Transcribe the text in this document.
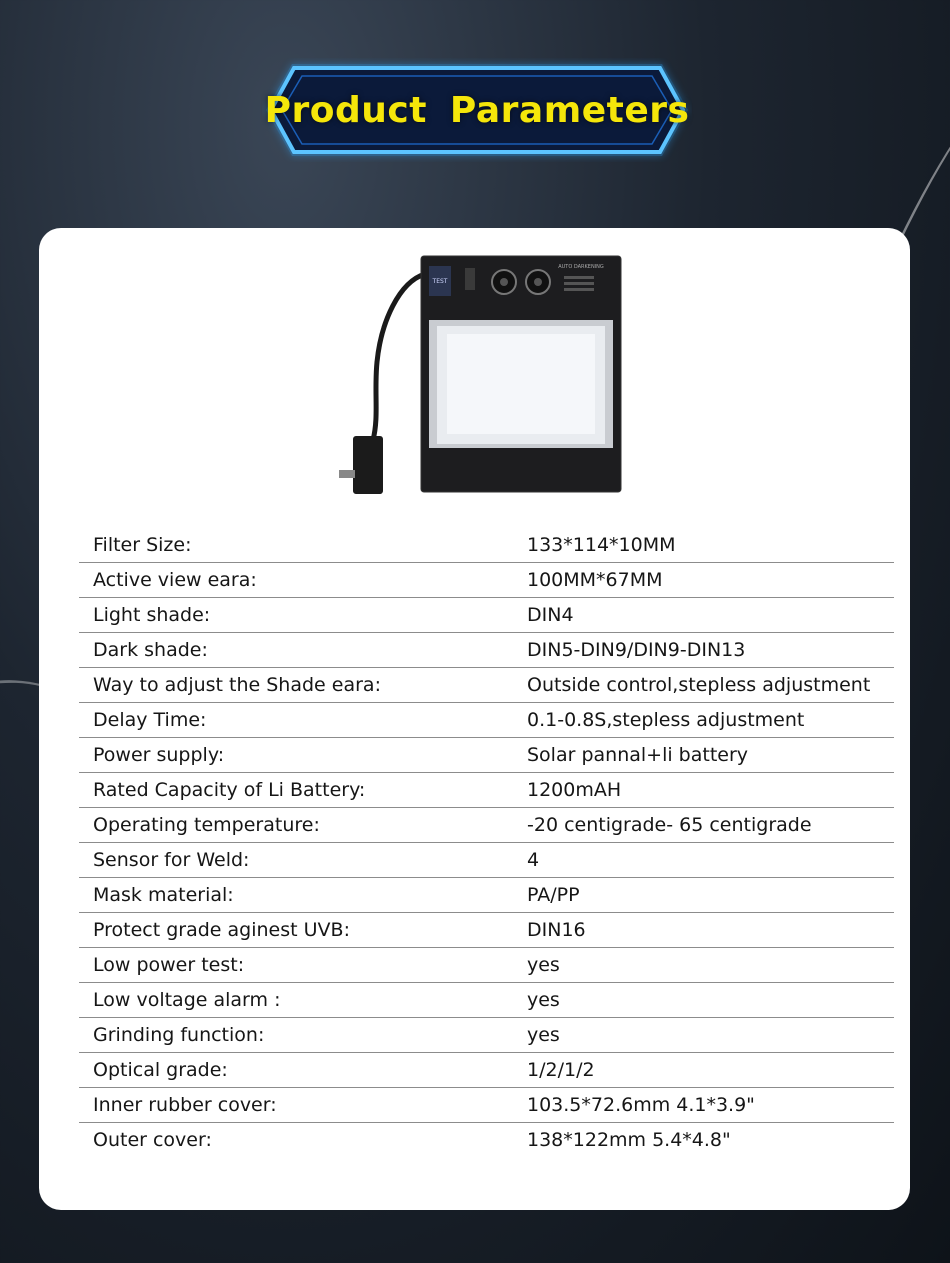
Product Parameters
TEST
AUTO DARKENING
Filter Size:	133*114*10MM
Active view eara:	100MM*67MM
Light shade:	DIN4
Dark shade:	DIN5-DIN9/DIN9-DIN13
Way to adjust the Shade eara:	Outside control,stepless adjustment
Delay Time:	0.1-0.8S,stepless adjustment
Power supply:	Solar pannal+li battery
Rated Capacity of Li Battery:	1200mAH
Operating temperature:	-20 centigrade- 65 centigrade
Sensor for Weld:	4
Mask material:	PA/PP
Protect grade aginest UVB:	DIN16
Low power test:	yes
Low voltage alarm :	yes
Grinding function:	yes
Optical grade:	1/2/1/2
Inner rubber cover:	103.5*72.6mm 4.1*3.9"
Outer cover:	138*122mm 5.4*4.8"
